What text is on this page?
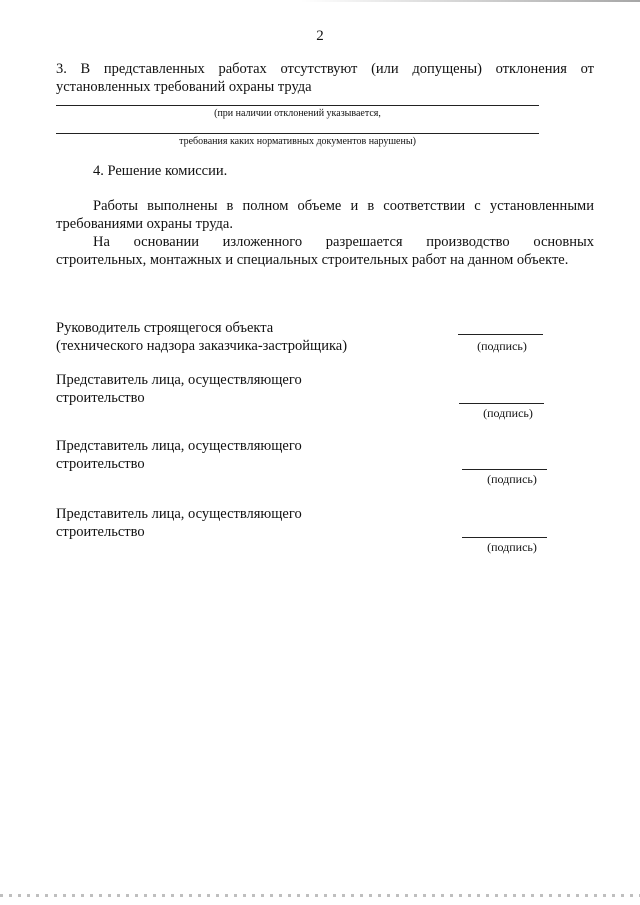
2
3. В представленных работах отсутствуют (или допущены) отклонения от
установленных требований охраны труда
(при наличии отклонений указывается,
требования каких нормативных документов нарушены)
4. Решение комиссии.
Работы выполнены в полном объеме и в соответствии с установленными
требованиями охраны труда.
На основании изложенного разрешается производство основных
строительных, монтажных и специальных строительных работ на данном объекте.
Руководитель строящегося объекта
(технического надзора заказчика-застройщика)	(подпись)
Представитель лица, осуществляющего
строительство
(подпись)
Представитель лица, осуществляющего
строительство
(подпись)
Представитель лица, осуществляющего
строительство
(подпись)
